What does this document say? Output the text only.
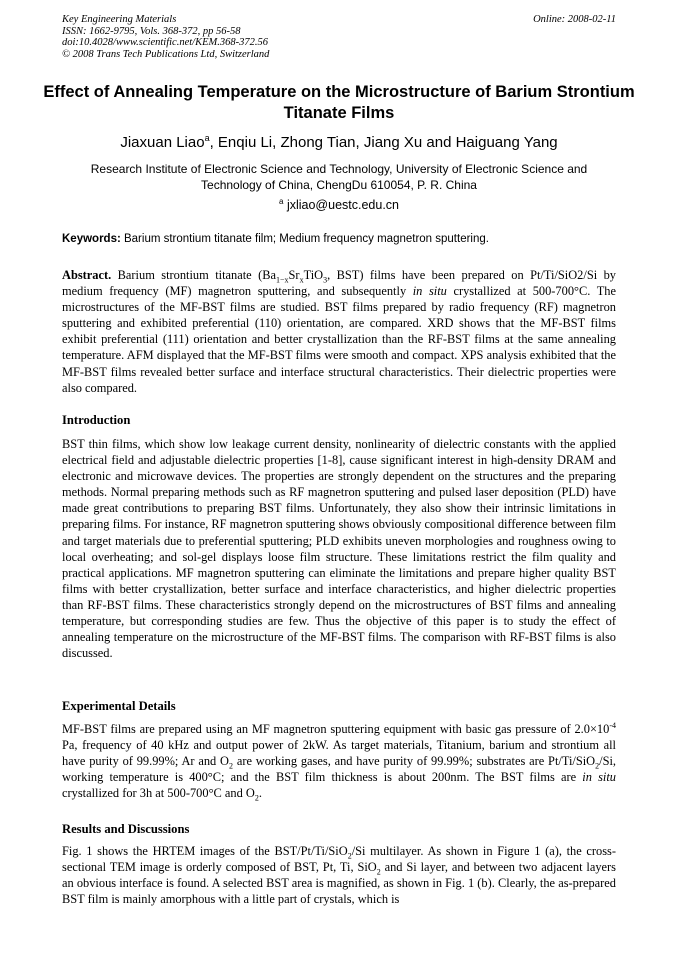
Key Engineering Materials
ISSN: 1662-9795, Vols. 368-372, pp 56-58
doi:10.4028/www.scientific.net/KEM.368-372.56
© 2008 Trans Tech Publications Ltd, Switzerland
Online: 2008-02-11
Effect of Annealing Temperature on the Microstructure of Barium Strontium Titanate Films
Jiaxuan Liao$^a$, Enqiu Li, Zhong Tian, Jiang Xu and Haiguang Yang
Research Institute of Electronic Science and Technology, University of Electronic Science and Technology of China, ChengDu 610054, P. R. China
$^a$ jxliao@uestc.edu.cn
Keywords: Barium strontium titanate film; Medium frequency magnetron sputtering.

Abstract. Barium strontium titanate ($Ba_{1-x}Sr_xTiO_3$, BST) films have been prepared on Pt/Ti/SiO2/Si by medium frequency (MF) magnetron sputtering, and subsequently in situ crystallized at 500-700°C. The microstructures of the MF-BST films are studied. BST films prepared by radio frequency (RF) magnetron sputtering and exhibited preferential (110) orientation, are compared. XRD shows that the MF-BST films exhibit preferential (111) orientation and better crystallization than the RF-BST films at the same annealing temperature. AFM displayed that the MF-BST films were smooth and compact. XPS analysis exhibited that the MF-BST films revealed better surface and interface structural characteristics. Their dielectric properties were also compared.

Introduction

BST thin films, which show low leakage current density, nonlinearity of dielectric constants with the applied electrical field and adjustable dielectric properties [1-8], cause significant interest in high-density DRAM and electronic and microwave devices. The properties are strongly dependent on the structures and the preparing methods. Normal preparing methods such as RF magnetron sputtering and pulsed laser deposition (PLD) have made great contributions to preparing BST films. Unfortunately, they also show their intrinsic limitations in preparing films. For instance, RF magnetron sputtering shows obviously compositional difference between film and target materials due to preferential sputtering; PLD exhibits uneven morphologies and roughness owing to local overheating; and sol-gel displays loose film structure. These limitations restrict the film quality and practical applications. MF magnetron sputtering can eliminate the limitations and prepare higher quality BST films with better crystallization, better surface and interface characteristics, and higher dielectric properties than RF-BST films. These characteristics strongly depend on the microstructures of BST films and annealing temperature, but corresponding studies are few. Thus the objective of this paper is to study the effect of annealing temperature on the microstructure of the MF-BST films. The comparison with RF-BST films is also discussed.

Experimental Details

MF-BST films are prepared using an MF magnetron sputtering equipment with basic gas pressure of $2.0\times 10^{-4}$ Pa, frequency of 40 kHz and output power of 2kW. As target materials, Titanium, barium and strontium all have purity of 99.99%; Ar and $O_2$ are working gases, and have purity of 99.99%; substrates are Pt/Ti/SiO$_2$/Si, working temperature is 400°C; and the BST film thickness is about 200nm. The BST films are in situ crystallized for 3h at 500-700°C and $O_2$.

Results and Discussions

Fig. 1 shows the HRTEM images of the BST/Pt/Ti/SiO$_2$/Si multilayer. As shown in Figure 1 (a), the cross-sectional TEM image is orderly composed of BST, Pt, Ti, SiO$_2$ and Si layer, and between two adjacent layers an obvious interface is found. A selected BST area is magnified, as shown in Fig. 1 (b). Clearly, the as-prepared BST film is mainly amorphous with a little part of crystals, which is
